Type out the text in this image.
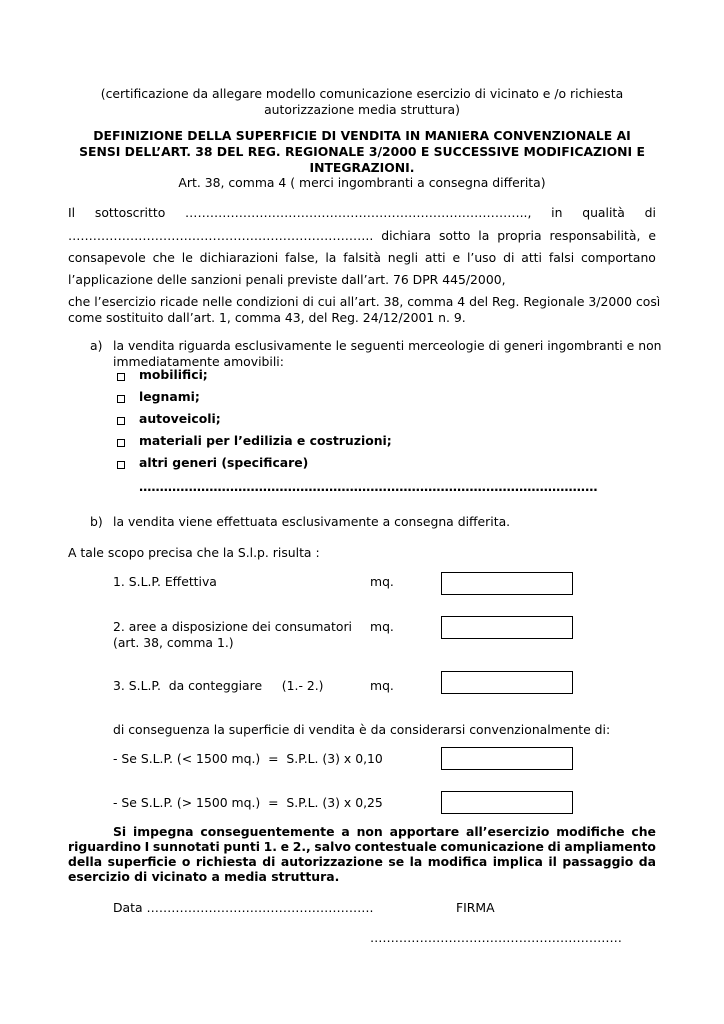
(certificazione da allegare modello comunicazione esercizio di vicinato e /o richiesta
autorizzazione media struttura)
DEFINIZIONE DELLA SUPERFICIE DI VENDITA IN MANIERA CONVENZIONALE AI
SENSI DELL’ART. 38 DEL REG. REGIONALE 3/2000 E SUCCESSIVE MODIFICAZIONI E
INTEGRAZIONI.
Art. 38, comma 4 ( merci ingombranti a consegna differita)
Il sottoscritto ……………………………………………………………………….., in qualità di
……………………………………………………………….. dichiara sotto la propria responsabilità, e
consapevole che le dichiarazioni false, la falsità negli atti e l’uso di atti falsi comportano
l’applicazione delle sanzioni penali previste dall’art. 76 DPR 445/2000,
che l’esercizio ricade nelle condizioni di cui all’art. 38, comma 4 del Reg. Regionale 3/2000 così
come sostituito dall’art. 1, comma 43, del Reg. 24/12/2001 n. 9.
a) la vendita riguarda esclusivamente le seguenti merceologie di generi ingombranti e non
immediatamente amovibili:
mobilifici;
legnami;
autoveicoli;
materiali per l’edilizia e costruzioni;
altri generi (specificare)
…………………………………………………………………………………………………
b) la vendita viene effettuata esclusivamente a consegna differita.
A tale scopo precisa che la S.l.p. risulta :
1. S.L.P. Effettiva	mq.
2. aree a disposizione dei consumatori
(art. 38, comma 1.)
mq.
3. S.L.P.  da conteggiare     (1.- 2.)	mq.
di conseguenza la superficie di vendita è da considerarsi convenzionalmente di:
- Se S.L.P. (< 1500 mq.)  =  S.P.L. (3) x 0,10
- Se S.L.P. (> 1500 mq.)  =  S.P.L. (3) x 0,25
Si impegna conseguentemente a non apportare all’esercizio modifiche che
riguardino I sunnotati punti 1. e 2., salvo contestuale comunicazione di ampliamento
della superficie o richiesta di autorizzazione se la modifica implica il passaggio da
esercizio di vicinato a media struttura.
Data ……………………………………………….	FIRMA
…………………………………………………….
